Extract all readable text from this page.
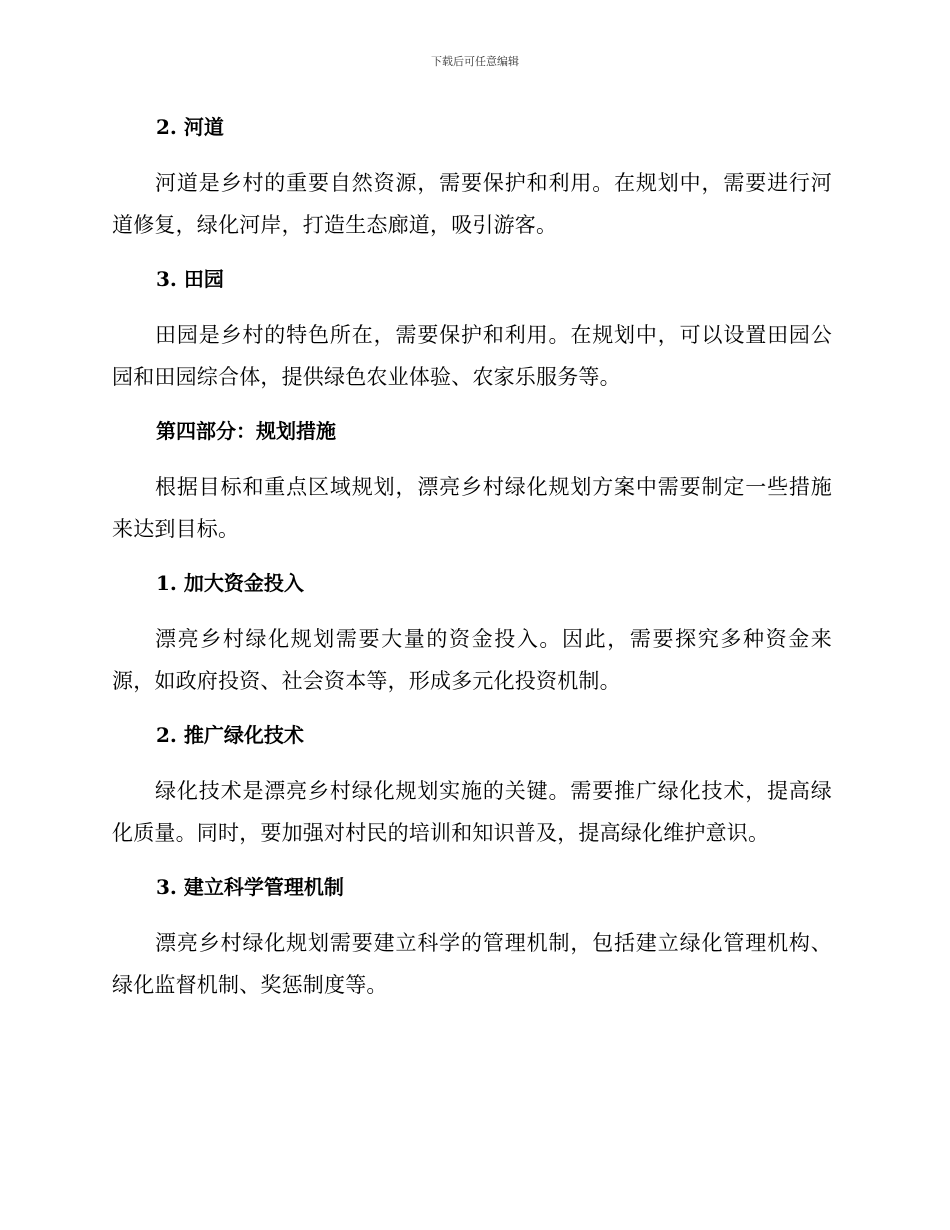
下载后可任意编辑
2. 河道

河道是乡村的重要自然资源，需要保护和利用。在规划中，需要进行河道修复，绿化河岸，打造生态廊道，吸引游客。

3. 田园

田园是乡村的特色所在，需要保护和利用。在规划中，可以设置田园公园和田园综合体，提供绿色农业体验、农家乐服务等。

第四部分：规划措施

根据目标和重点区域规划，漂亮乡村绿化规划方案中需要制定一些措施来达到目标。

1. 加大资金投入

漂亮乡村绿化规划需要大量的资金投入。因此，需要探究多种资金来源，如政府投资、社会资本等，形成多元化投资机制。

2. 推广绿化技术

绿化技术是漂亮乡村绿化规划实施的关键。需要推广绿化技术，提高绿化质量。同时，要加强对村民的培训和知识普及，提高绿化维护意识。

3. 建立科学管理机制

漂亮乡村绿化规划需要建立科学的管理机制，包括建立绿化管理机构、绿化监督机制、奖惩制度等。
